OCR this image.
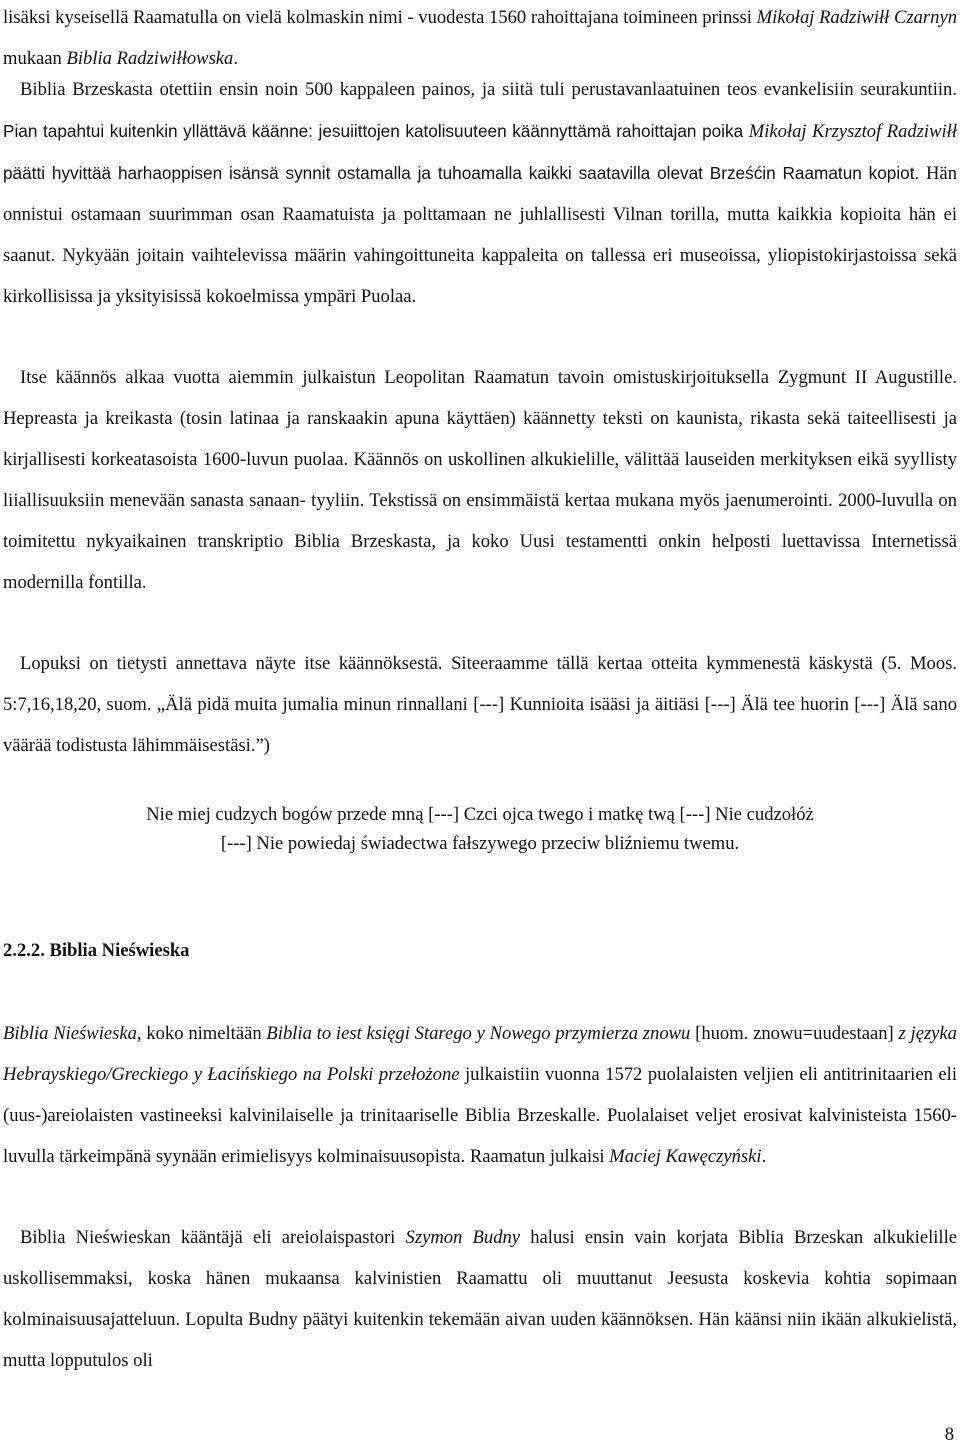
lisäksi kyseisellä Raamatulla on vielä kolmaskin nimi - vuodesta 1560 rahoittajana toimineen prinssi Mikołaj Radziwiłł Czarnyn mukaan Biblia Radziwiłłowska.

Biblia Brzeskasta otettiin ensin noin 500 kappaleen painos, ja siitä tuli perustavanlaatuinen teos evankelisiin seurakuntiin. Pian tapahtui kuitenkin yllättävä käänne: jesuiittojen katolisuuteen käännyttämä rahoittajan poika Mikołaj Krzysztof Radziwiłł päätti hyvittää harhaoppisen isänsä synnit ostamalla ja tuhoamalla kaikki saatavilla olevat Brześćin Raamatun kopiot. Hän onnistui ostamaan suurimman osan Raamatuista ja polttamaan ne juhlallisesti Vilnan torilla, mutta kaikkia kopioita hän ei saanut. Nykyään joitain vaihtelevissa määrin vahingoittuneita kappaleita on tallessa eri museoissa, yliopistokirjastoissa sekä kirkollisissa ja yksityisissä kokoelmissa ympäri Puolaa.

Itse käännös alkaa vuotta aiemmin julkaistun Leopolitan Raamatun tavoin omistuskirjoituksella Zygmunt II Augustille. Hepreasta ja kreikasta (tosin latinaa ja ranskaakin apuna käyttäen) käännetty teksti on kaunista, rikasta sekä taiteellisesti ja kirjallisesti korkeatasoista 1600-luvun puolaa. Käännös on uskollinen alkukielille, välittää lauseiden merkityksen eikä syyllisty liiallisuuksiin menevään sanasta sanaan- tyyliin. Tekstissä on ensimmäistä kertaa mukana myös jaenumerointi. 2000-luvulla on toimitettu nykyaikainen transkriptio Biblia Brzeskasta, ja koko Uusi testamentti onkin helposti luettavissa Internetissä modernilla fontilla.

Lopuksi on tietysti annettava näyte itse käännöksestä. Siteeraamme tällä kertaa otteita kymmenestä käskystä (5. Moos. 5:7,16,18,20, suom. „Älä pidä muita jumalia minun rinnallani [---] Kunnioita isääsi ja äitiäsi [---] Älä tee huorin [---] Älä sano väärää todistusta lähimmäisestäsi.”)

Nie miej cudzych bogów przede mną [---] Czci ojca twego i matkę twą [---] Nie cudzołóż
[---] Nie powiedaj świadectwa fałszywego przeciw bliźniemu twemu.
2.2.2. Biblia Nieświeska

Biblia Nieświeska, koko nimeltään Biblia to iest księgi Starego y Nowego przymierza znowu [huom. znowu=uudestaan] z języka Hebrayskiego/Greckiego y Łacińskiego na Polski przełożone julkaistiin vuonna 1572 puolalaisten veljien eli antitrinitaarien eli (uus-)areiolaisten vastineeksi kalvinilaiselle ja trinitaariselle Biblia Brzeskalle. Puolalaiset veljet erosivat kalvinisteista 1560-luvulla tärkeimpänä syynään erimielisyys kolminaisuusopista. Raamatun julkaisi Maciej Kawęczyński.

Biblia Nieświeskan kääntäjä eli areiolaispastori Szymon Budny halusi ensin vain korjata Biblia Brzeskan alkukielille uskollisemmaksi, koska hänen mukaansa kalvinistien Raamattu oli muuttanut Jeesusta koskevia kohtia sopimaan kolminaisuusajatteluun. Lopulta Budny päätyi kuitenkin tekemään aivan uuden käännöksen. Hän käänsi niin ikään alkukielistä, mutta lopputulos oli

8
